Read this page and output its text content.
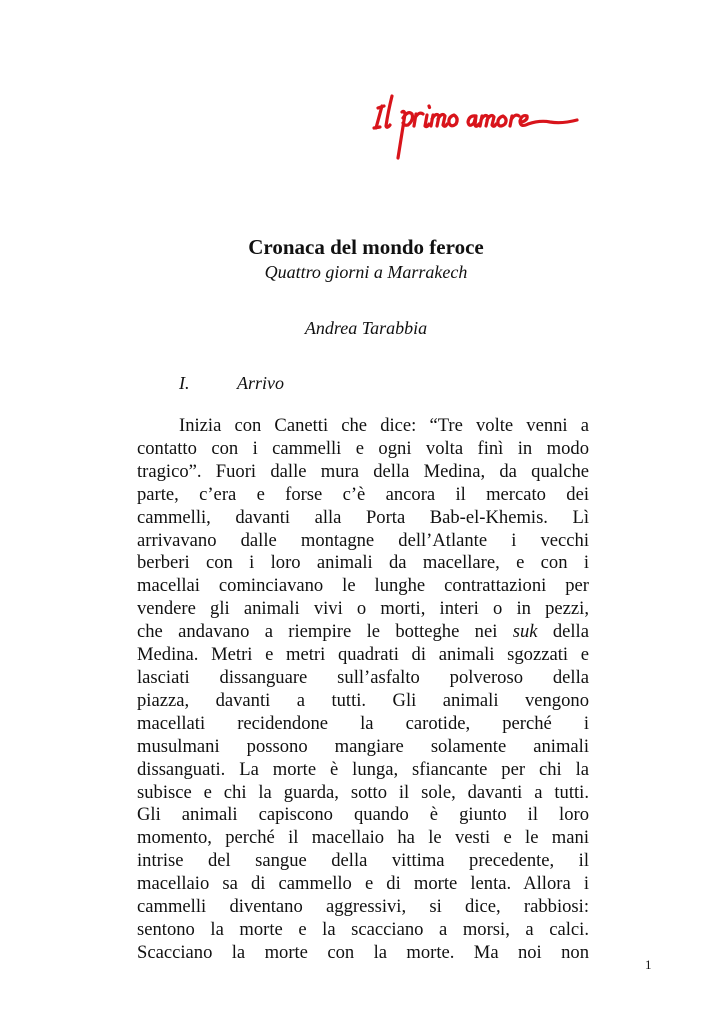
Cronaca del mondo feroce
Quattro giorni a Marrakech
Andrea Tarabbia
I.	Arrivo
Inizia con Canetti che dice: “Tre volte venni a
contatto con i cammelli e ogni volta finì in modo
tragico”. Fuori dalle mura della Medina, da qualche
parte, c’era e forse c’è ancora il mercato dei
cammelli, davanti alla Porta Bab-el-Khemis. Lì
arrivavano dalle montagne dell’Atlante i vecchi
berberi con i loro animali da macellare, e con i
macellai cominciavano le lunghe contrattazioni per
vendere gli animali vivi o morti, interi o in pezzi,
che andavano a riempire le botteghe nei suk della
Medina. Metri e metri quadrati di animali sgozzati e
lasciati dissanguare sull’asfalto polveroso della
piazza, davanti a tutti. Gli animali vengono
macellati recidendone la carotide, perché i
musulmani possono mangiare solamente animali
dissanguati. La morte è lunga, sfiancante per chi la
subisce e chi la guarda, sotto il sole, davanti a tutti.
Gli animali capiscono quando è giunto il loro
momento, perché il macellaio ha le vesti e le mani
intrise del sangue della vittima precedente, il
macellaio sa di cammello e di morte lenta. Allora i
cammelli diventano aggressivi, si dice, rabbiosi:
sentono la morte e la scacciano a morsi, a calci.
Scacciano la morte con la morte. Ma noi non
1
